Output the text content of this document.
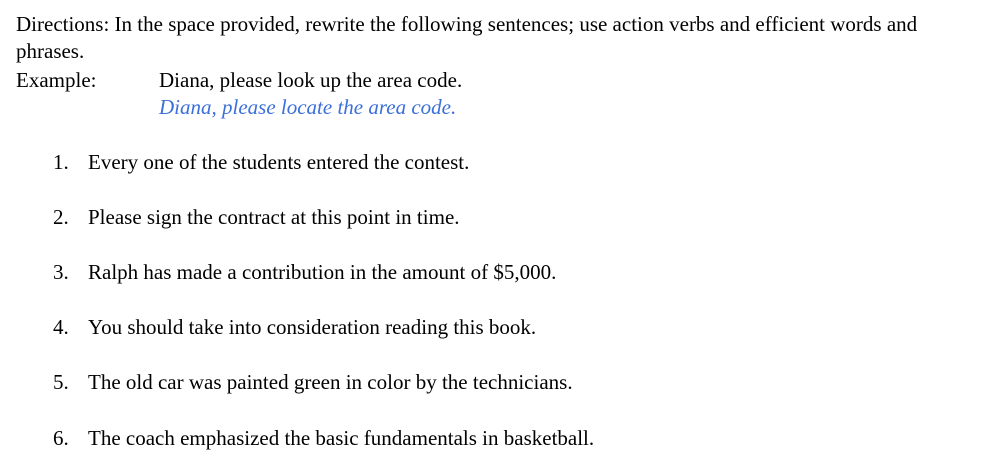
Directions: In the space provided, rewrite the following sentences; use action verbs and efficient words and phrases.
Example:	Diana, please look up the area code.
Diana, please locate the area code.
1. Every one of the students entered the contest.
2. Please sign the contract at this point in time.
3. Ralph has made a contribution in the amount of $5,000.
4. You should take into consideration reading this book.
5. The old car was painted green in color by the technicians.
6. The coach emphasized the basic fundamentals in basketball.
